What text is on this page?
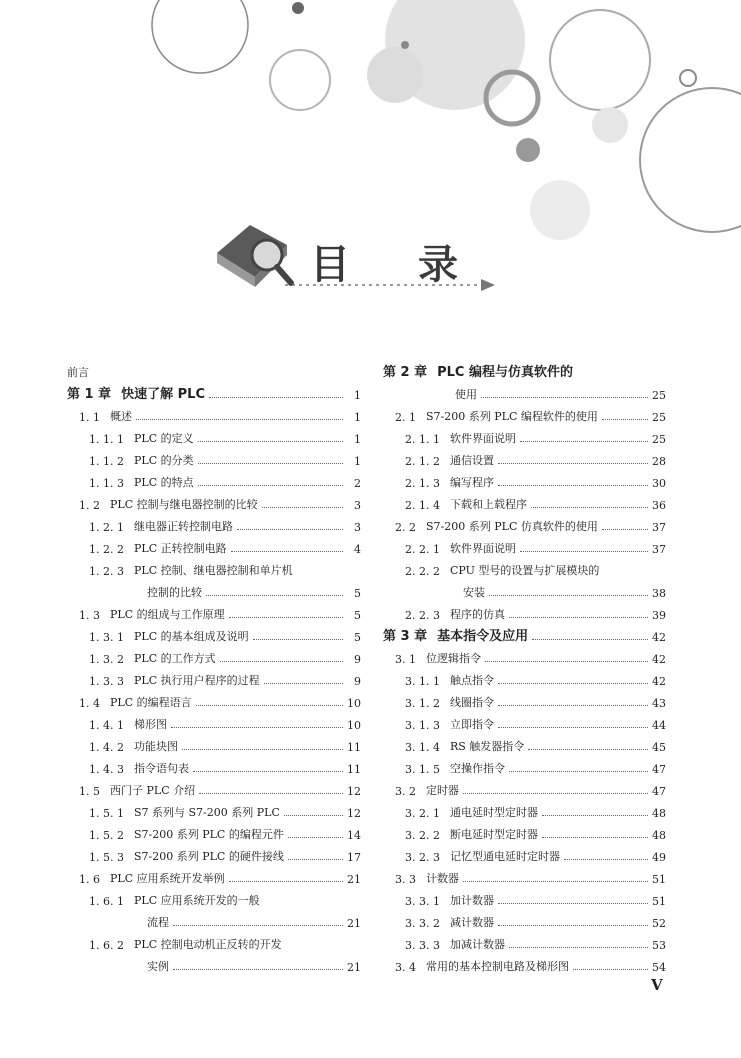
目 录
前言
第 1 章 快速了解 PLC	1
1. 1 概述	1
1. 1. 1 PLC 的定义	1
1. 1. 2 PLC 的分类	1
1. 1. 3 PLC 的特点	2
1. 2 PLC 控制与继电器控制的比较	3
1. 2. 1 继电器正转控制电路	3
1. 2. 2 PLC 正转控制电路	4
1. 2. 3 PLC 控制、继电器控制和单片机
控制的比较	5
1. 3 PLC 的组成与工作原理	5
1. 3. 1 PLC 的基本组成及说明	5
1. 3. 2 PLC 的工作方式	9
1. 3. 3 PLC 执行用户程序的过程	9
1. 4 PLC 的编程语言	10
1. 4. 1 梯形图	10
1. 4. 2 功能块图	11
1. 4. 3 指令语句表	11
1. 5 西门子 PLC 介绍	12
1. 5. 1 S7 系列与 S7-200 系列 PLC	12
1. 5. 2 S7-200 系列 PLC 的编程元件	14
1. 5. 3 S7-200 系列 PLC 的硬件接线	17
1. 6 PLC 应用系统开发举例	21
1. 6. 1 PLC 应用系统开发的一般
流程	21
1. 6. 2 PLC 控制电动机正反转的开发
实例	21
第 2 章 PLC 编程与仿真软件的
使用	25
2. 1 S7-200 系列 PLC 编程软件的使用	25
2. 1. 1 软件界面说明	25
2. 1. 2 通信设置	28
2. 1. 3 编写程序	30
2. 1. 4 下载和上载程序	36
2. 2 S7-200 系列 PLC 仿真软件的使用	37
2. 2. 1 软件界面说明	37
2. 2. 2 CPU 型号的设置与扩展模块的
安装	38
2. 2. 3 程序的仿真	39
第 3 章 基本指令及应用	42
3. 1 位逻辑指令	42
3. 1. 1 触点指令	42
3. 1. 2 线圈指令	43
3. 1. 3 立即指令	44
3. 1. 4 RS 触发器指令	45
3. 1. 5 空操作指令	47
3. 2 定时器	47
3. 2. 1 通电延时型定时器	48
3. 2. 2 断电延时型定时器	48
3. 2. 3 记忆型通电延时定时器	49
3. 3 计数器	51
3. 3. 1 加计数器	51
3. 3. 2 减计数器	52
3. 3. 3 加减计数器	53
3. 4 常用的基本控制电路及梯形图	54
V
